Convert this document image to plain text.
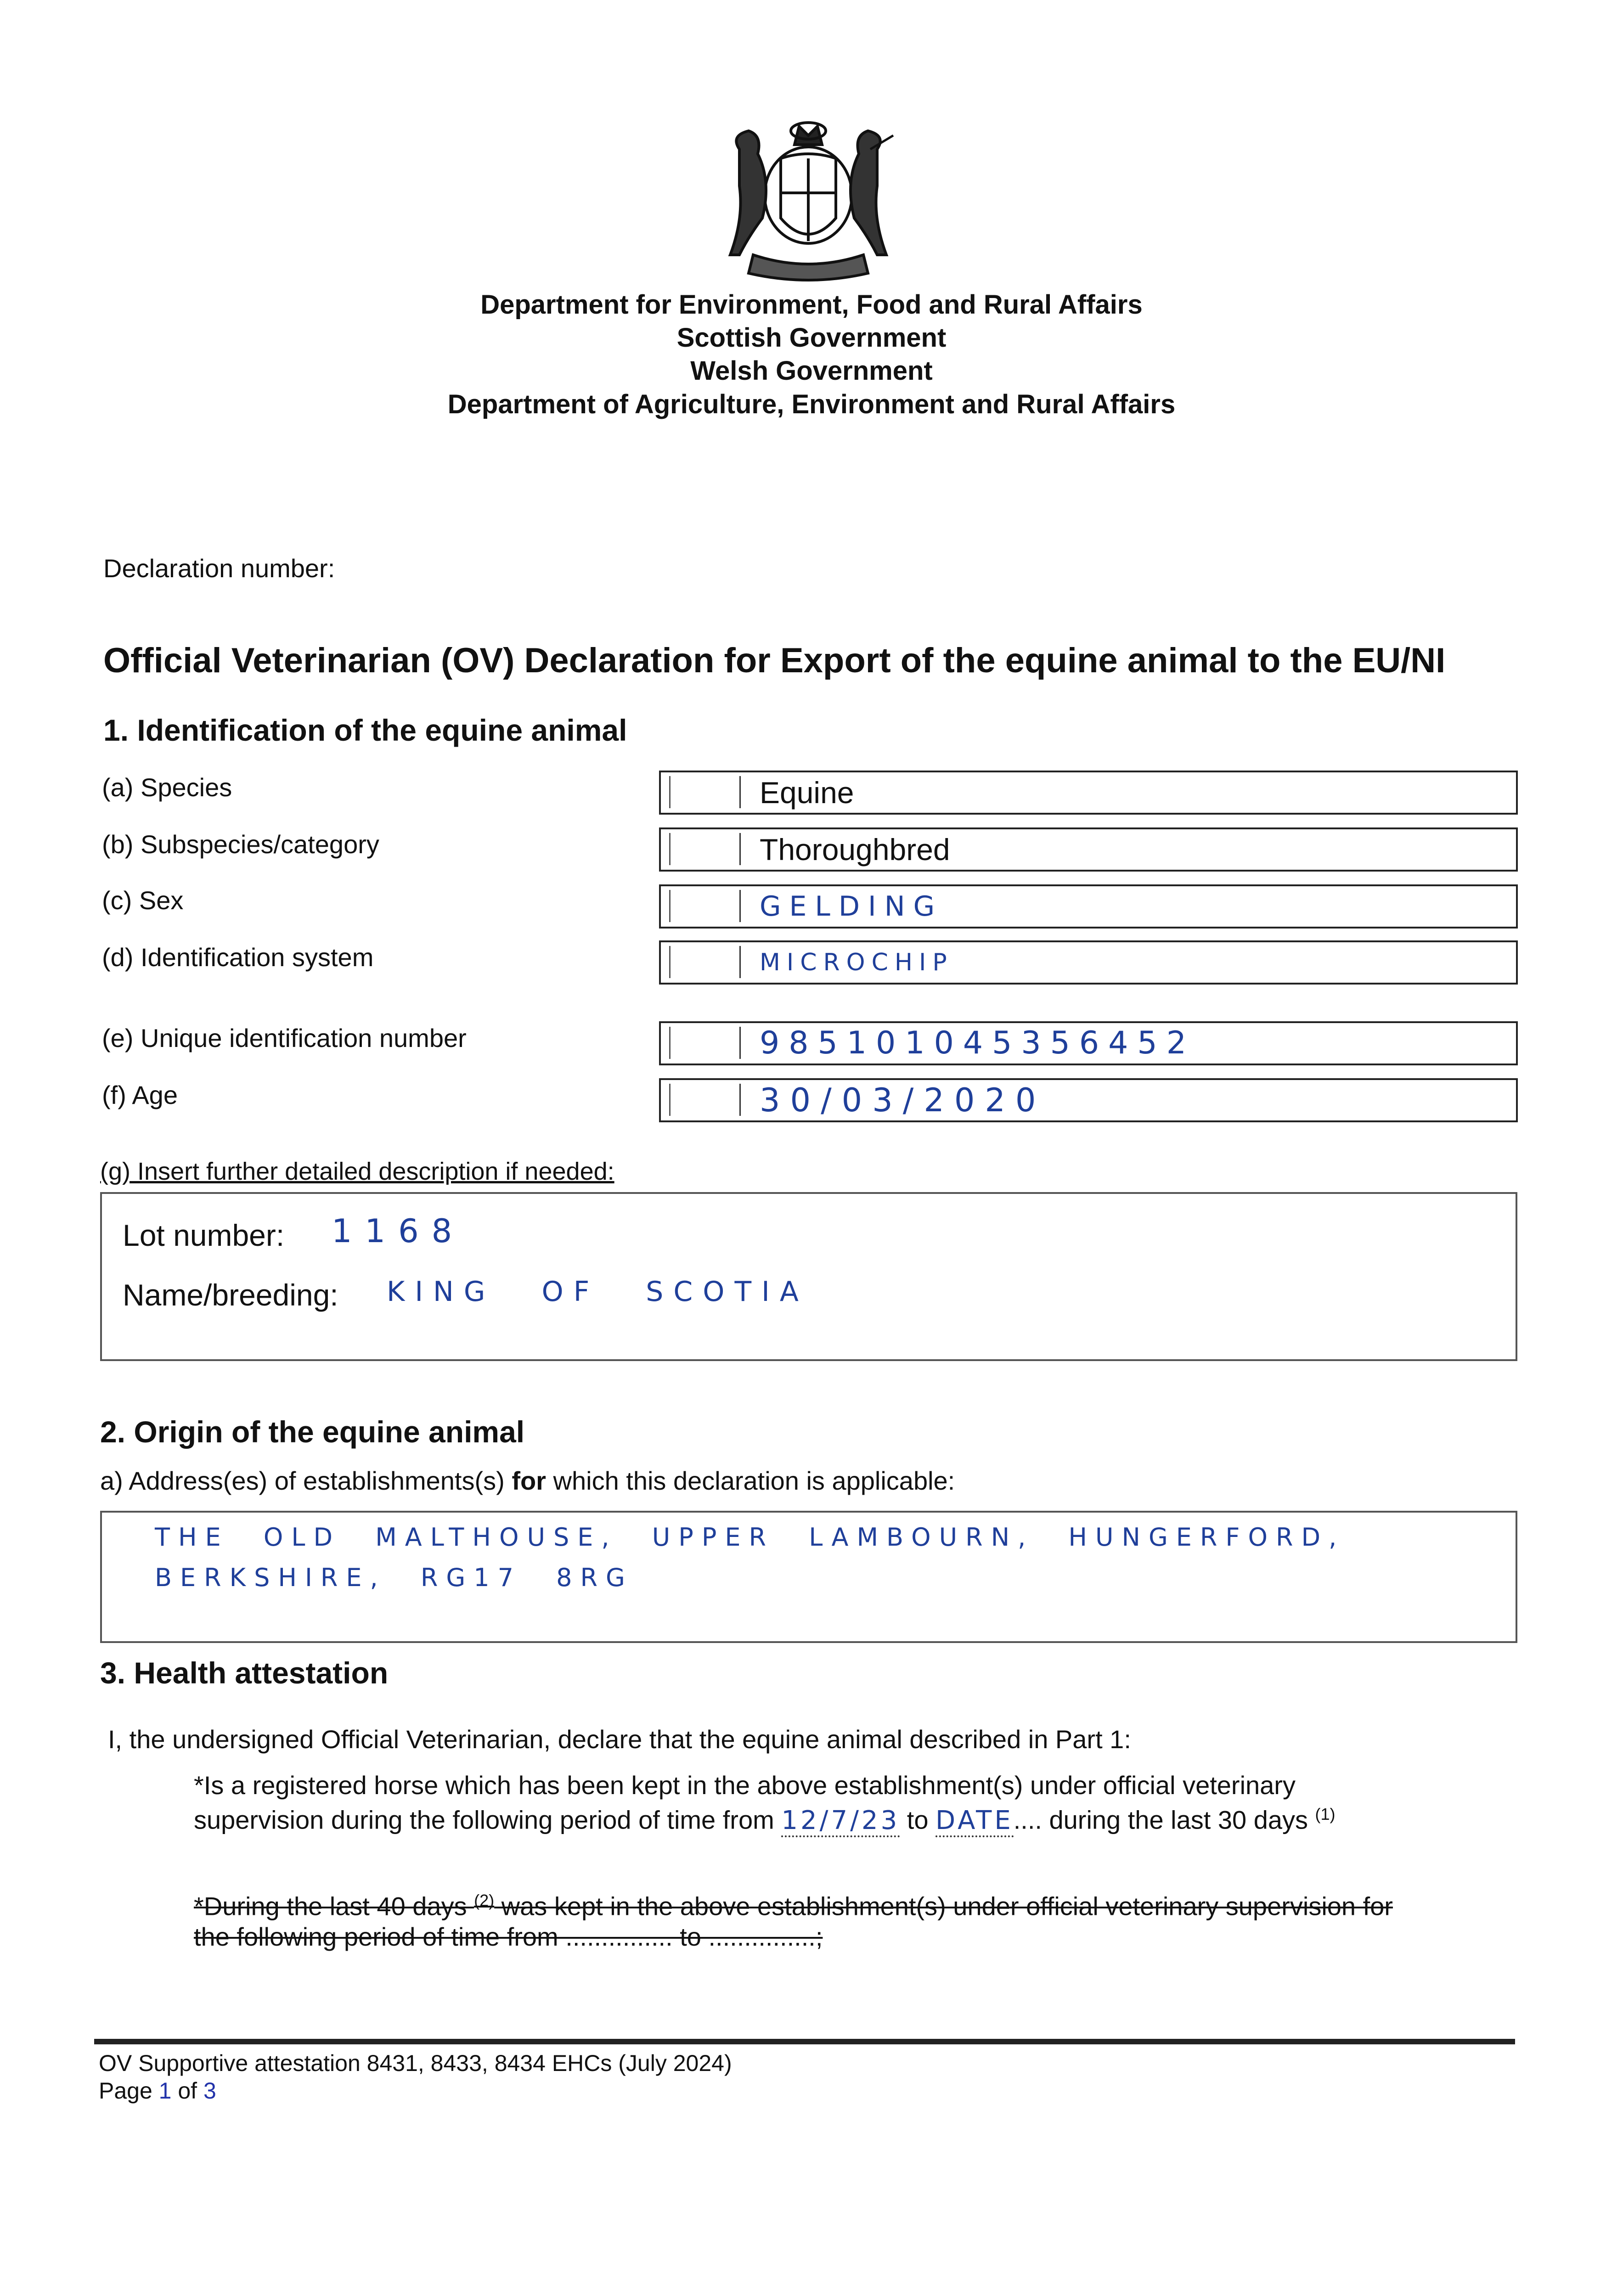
Department for Environment, Food and Rural Affairs
Scottish Government
Welsh Government
Department of Agriculture, Environment and Rural Affairs
Declaration number:
Official Veterinarian (OV) Declaration for Export of the equine animal to the EU/NI
1. Identification of the equine animal
(a) Species	Equine
(b) Subspecies/category	Thoroughbred
(c) Sex	GELDING
(d) Identification system	MICROCHIP
(e) Unique identification number	985101045356452
(f) Age	30/03/2020
(g) Insert further detailed description if needed:
Lot number: 1168
Name/breeding: KING OF SCOTIA
2. Origin of the equine animal
a) Address(es) of establishments(s) for which this declaration is applicable:
THE OLD MALTHOUSE, UPPER LAMBOURN, HUNGERFORD,
BERKSHIRE, RG17 8RG
3. Health attestation
I, the undersigned Official Veterinarian, declare that the equine animal described in Part 1:
*Is a registered horse which has been kept in the above establishment(s) under official veterinary
supervision during the following period of time from 12/7/23 to DATE.... during the last 30 days $^{(1)}$
*During the last 40 days $^{(2)}$ was kept in the above establishment(s) under official veterinary supervision for
the following period of time from ............... to ...............;
OV Supportive attestation 8431, 8433, 8434 EHCs (July 2024)
Page 1 of 3
